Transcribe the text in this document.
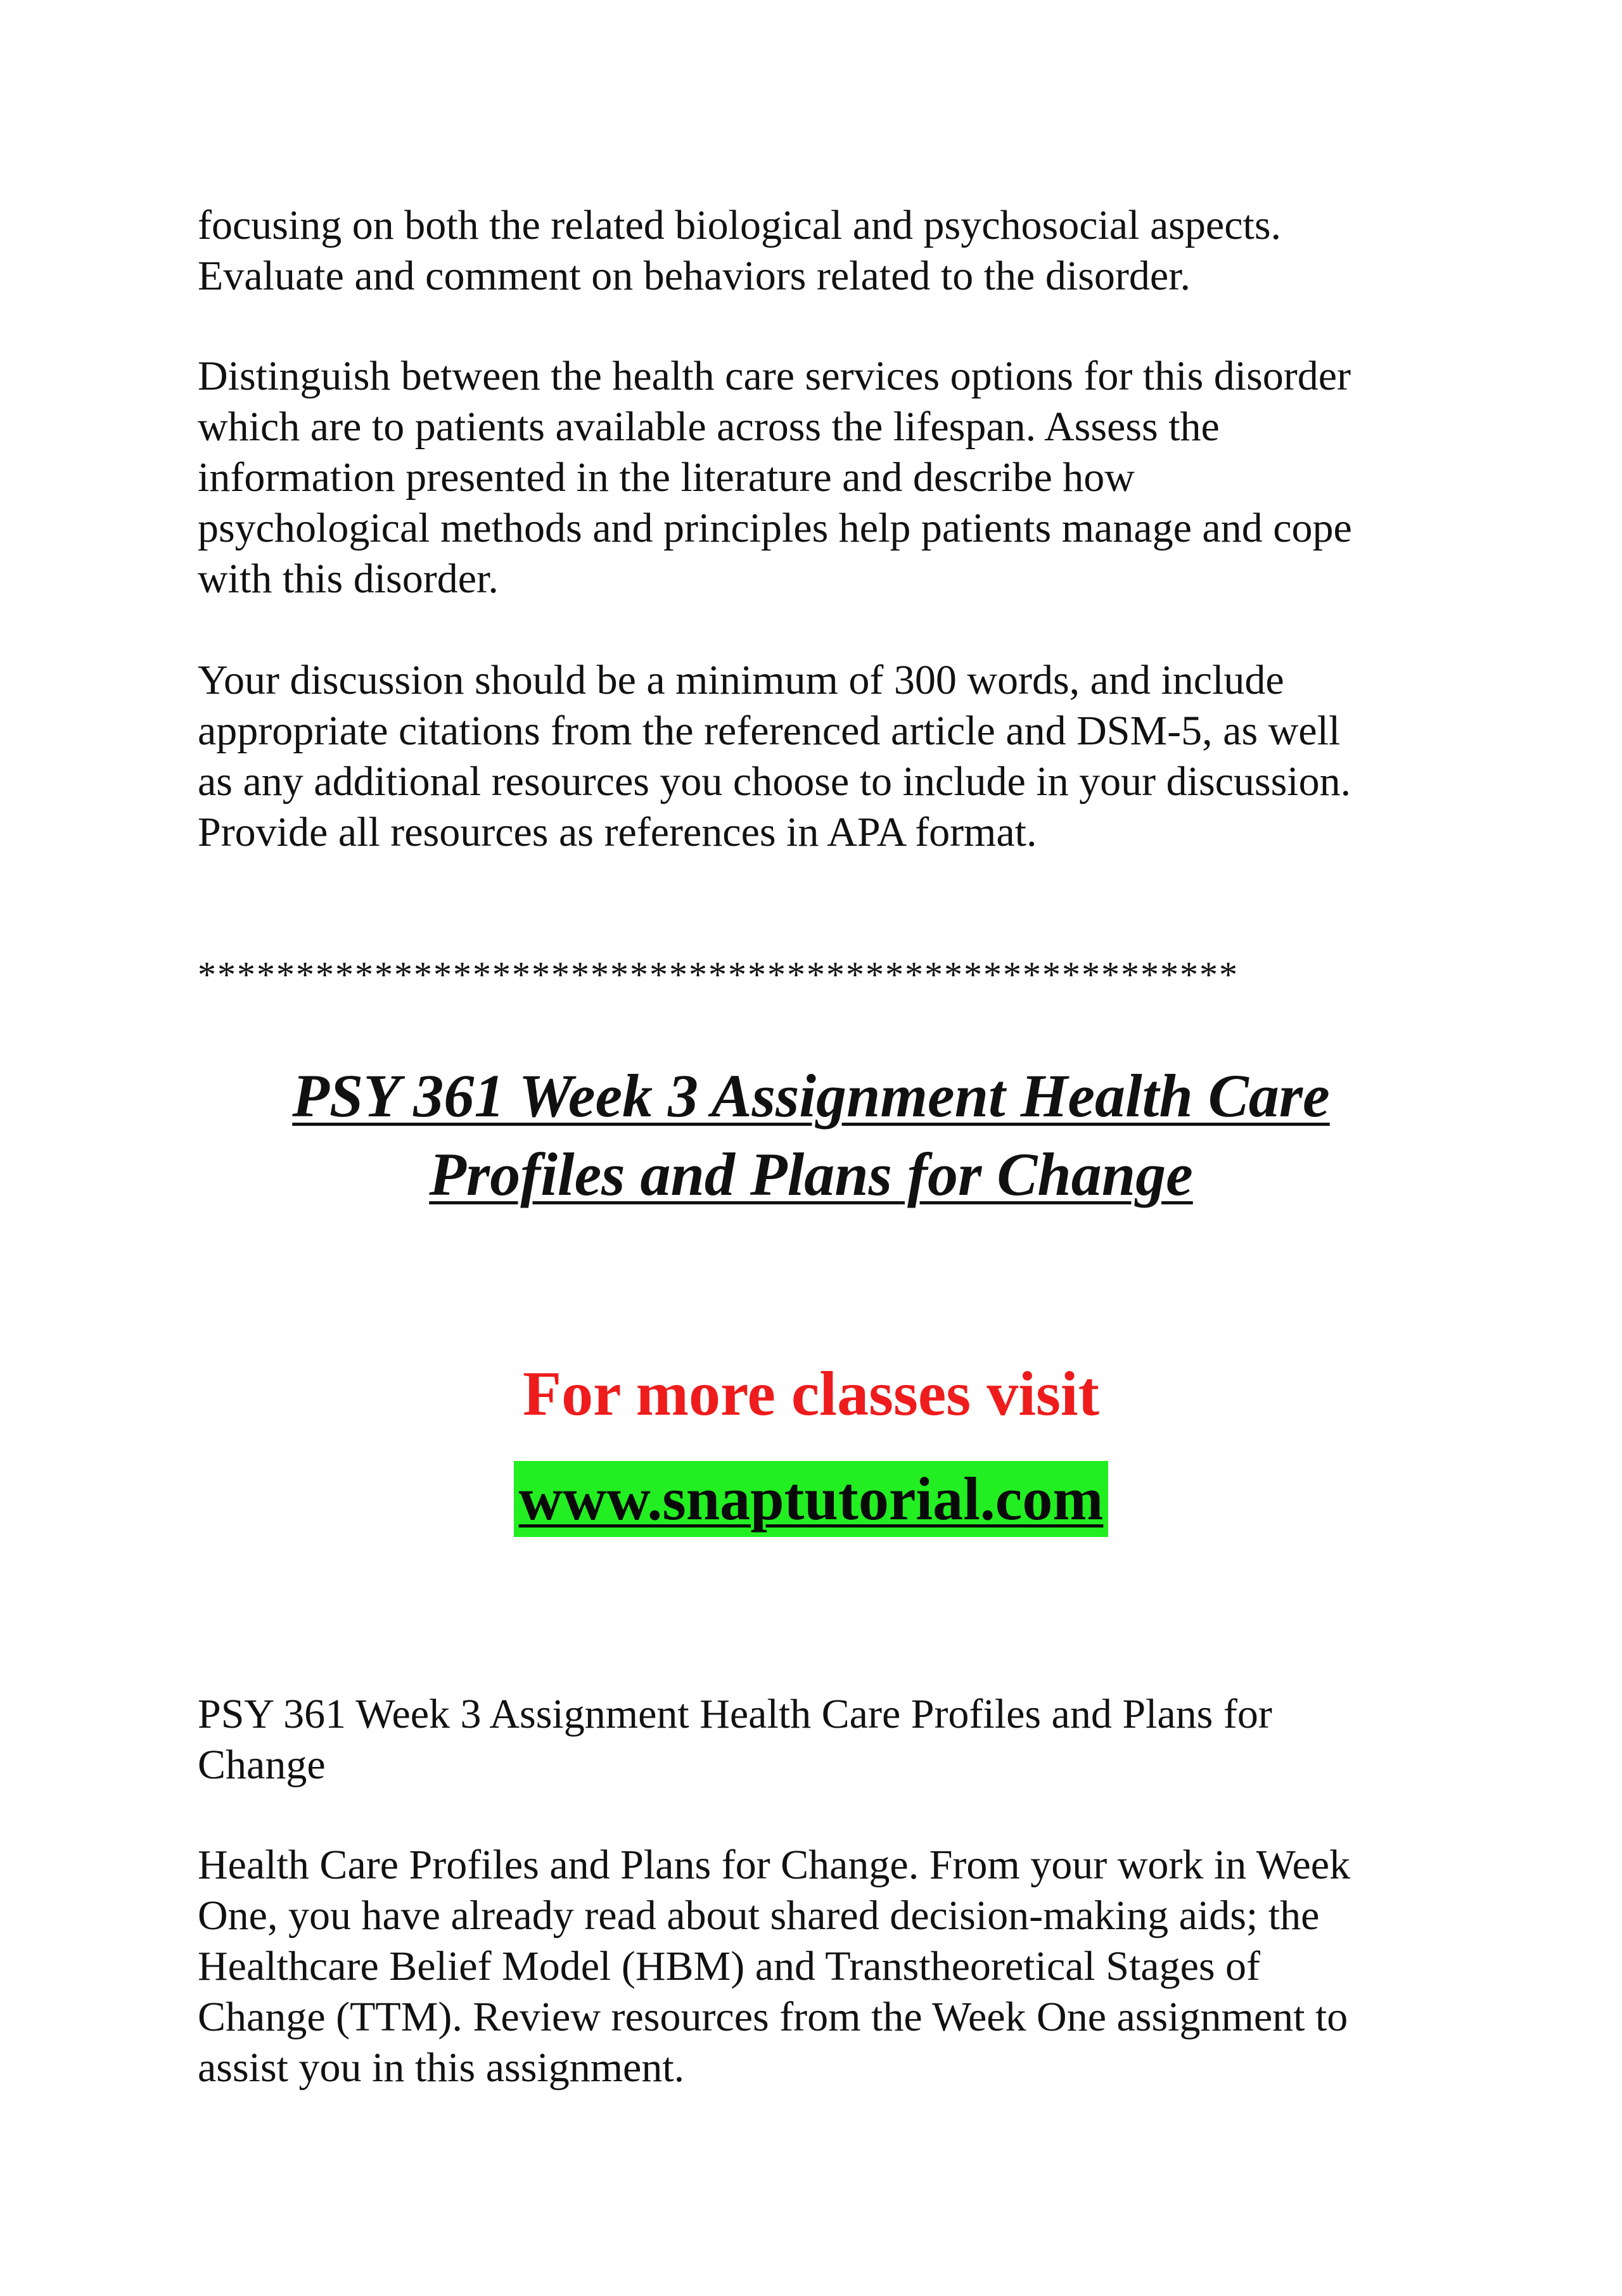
focusing on both the related biological and psychosocial aspects.
Evaluate and comment on behaviors related to the disorder.

Distinguish between the health care services options for this disorder
which are to patients available across the lifespan. Assess the
information presented in the literature and describe how
psychological methods and principles help patients manage and cope
with this disorder.

Your discussion should be a minimum of 300 words, and include
appropriate citations from the referenced article and DSM-5, as well
as any additional resources you choose to include in your discussion.
Provide all resources as references in APA format.

*****************************************************

PSY 361 Week 3 Assignment Health Care

Profiles and Plans for Change

For more classes visit

www.snaptutorial.com

PSY 361 Week 3 Assignment Health Care Profiles and Plans for
Change

Health Care Profiles and Plans for Change. From your work in Week
One, you have already read about shared decision-making aids; the
Healthcare Belief Model (HBM) and Transtheoretical Stages of
Change (TTM). Review resources from the Week One assignment to
assist you in this assignment.
